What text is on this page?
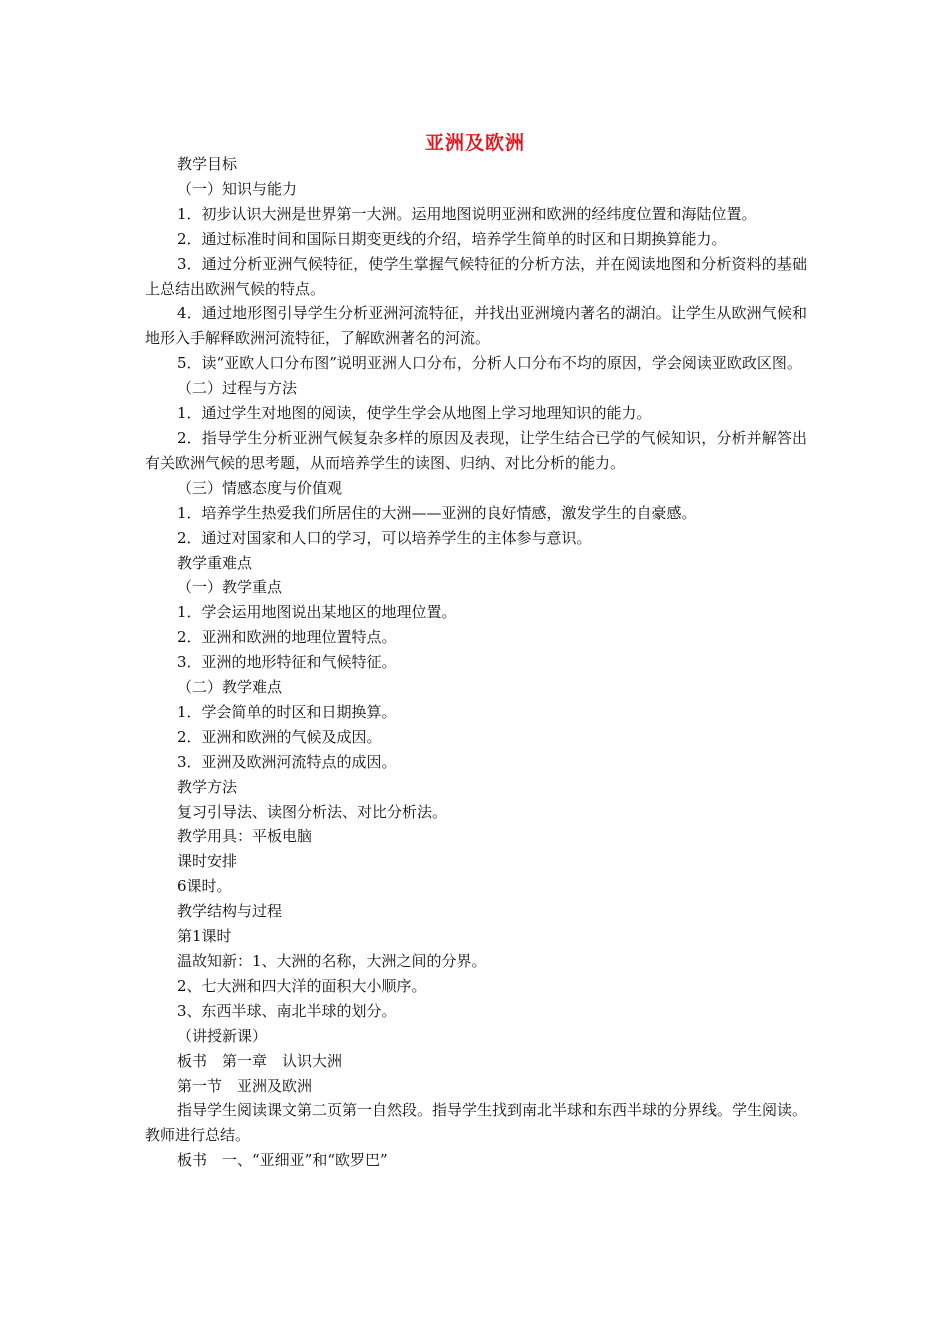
亚洲及欧洲
教学目标
（一）知识与能力
1．初步认识大洲是世界第一大洲。运用地图说明亚洲和欧洲的经纬度位置和海陆位置。
2．通过标准时间和国际日期变更线的介绍，培养学生简单的时区和日期换算能力。
3．通过分析亚洲气候特征，使学生掌握气候特征的分析方法，并在阅读地图和分析资料的基础上总结出欧洲气候的特点。
4．通过地形图引导学生分析亚洲河流特征，并找出亚洲境内著名的湖泊。让学生从欧洲气候和地形入手解释欧洲河流特征，了解欧洲著名的河流。
5．读“亚欧人口分布图”说明亚洲人口分布，分析人口分布不均的原因，学会阅读亚欧政区图。
（二）过程与方法
1．通过学生对地图的阅读，使学生学会从地图上学习地理知识的能力。
2．指导学生分析亚洲气候复杂多样的原因及表现，让学生结合已学的气候知识，分析并解答出有关欧洲气候的思考题，从而培养学生的读图、归纳、对比分析的能力。
（三）情感态度与价值观
1．培养学生热爱我们所居住的大洲——亚洲的良好情感，激发学生的自豪感。
2．通过对国家和人口的学习，可以培养学生的主体参与意识。
教学重难点
（一）教学重点
1．学会运用地图说出某地区的地理位置。
2．亚洲和欧洲的地理位置特点。
3．亚洲的地形特征和气候特征。
（二）教学难点
1．学会简单的时区和日期换算。
2．亚洲和欧洲的气候及成因。
3．亚洲及欧洲河流特点的成因。
教学方法
复习引导法、读图分析法、对比分析法。
教学用具：平板电脑
课时安排
6课时。
教学结构与过程
第1课时
温故知新：1、大洲的名称，大洲之间的分界。
2、七大洲和四大洋的面积大小顺序。
3、东西半球、南北半球的划分。
（讲授新课）
板书　第一章　认识大洲
第一节　亚洲及欧洲
指导学生阅读课文第二页第一自然段。指导学生找到南北半球和东西半球的分界线。学生阅读。教师进行总结。
板书　一、“亚细亚”和“欧罗巴”
